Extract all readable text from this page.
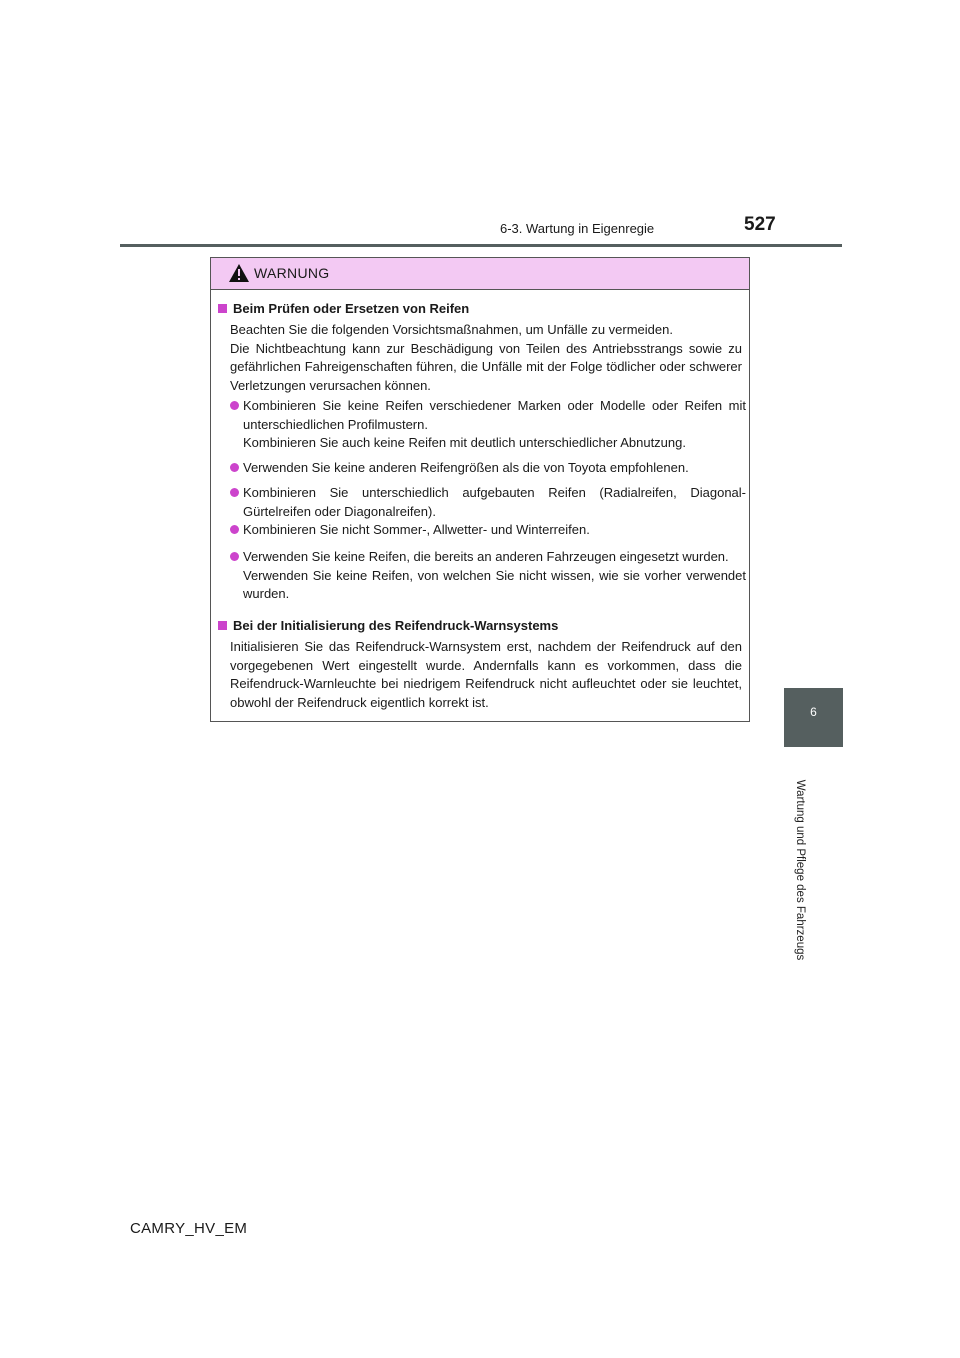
6-3. Wartung in Eigenregie	527
6
Wartung und Pflege des Fahrzeugs
WARNUNG
Beim Prüfen oder Ersetzen von Reifen
Beachten Sie die folgenden Vorsichtsmaßnahmen, um Unfälle zu vermeiden.
Die Nichtbeachtung kann zur Beschädigung von Teilen des Antriebsstrangs sowie zu gefährlichen Fahreigenschaften führen, die Unfälle mit der Folge tödlicher oder schwerer Verletzungen verursachen können.
Kombinieren Sie keine Reifen verschiedener Marken oder Modelle oder Reifen mit unterschiedlichen Profilmustern.
Kombinieren Sie auch keine Reifen mit deutlich unterschiedlicher Abnutzung.
Verwenden Sie keine anderen Reifengrößen als die von Toyota empfohlenen.
Kombinieren Sie unterschiedlich aufgebauten Reifen (Radialreifen, Diagonal-Gürtelreifen oder Diagonalreifen).
Kombinieren Sie nicht Sommer-, Allwetter- und Winterreifen.
Verwenden Sie keine Reifen, die bereits an anderen Fahrzeugen eingesetzt wurden.
Verwenden Sie keine Reifen, von welchen Sie nicht wissen, wie sie vorher verwendet wurden.
Bei der Initialisierung des Reifendruck-Warnsystems
Initialisieren Sie das Reifendruck-Warnsystem erst, nachdem der Reifendruck auf den vorgegebenen Wert eingestellt wurde. Andernfalls kann es vorkommen, dass die Reifendruck-Warnleuchte bei niedrigem Reifendruck nicht aufleuchtet oder sie leuchtet, obwohl der Reifendruck eigentlich korrekt ist.
CAMRY_HV_EM
